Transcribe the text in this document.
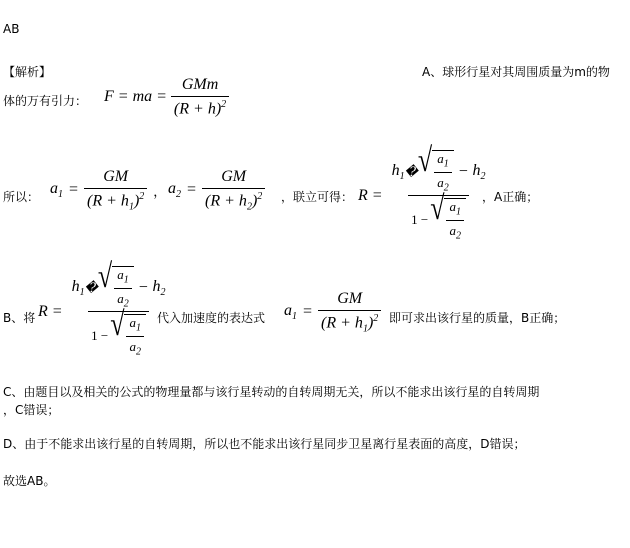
AB
【解析】	A、球形行星对其周围质量为m的物
体的万有引力： F = ma = $\frac{\text{GMm}}{(R + h)^2}$
所以： $a_1 = \frac{GM}{(R + h_1)^2}$ ， $a_2 = \frac{GM}{(R + h_2)^2}$ ，联立可得： R =
$h_1$ � √ $\frac{a_1}{a_2} - h_2$
1 − √ $\frac{a_1}{a_2}$
，A正确；
B、将 R =
$h_1$ � √ $\frac{a_1}{a_2} - h_2$
1 − √ $\frac{a_1}{a_2}$ 代入加速度的表达式 $a_1 = \frac{GM}{(R + h_1)^2}$ 即可求出该行星的质量，B正确；
C、由题目以及相关的公式的物理量都与该行星转动的自转周期无关，所以不能求出该行星的自转周期
，C错误；
D、由于不能求出该行星的自转周期，所以也不能求出该行星同步卫星离行星表面的高度，D错误；
故选AB。
